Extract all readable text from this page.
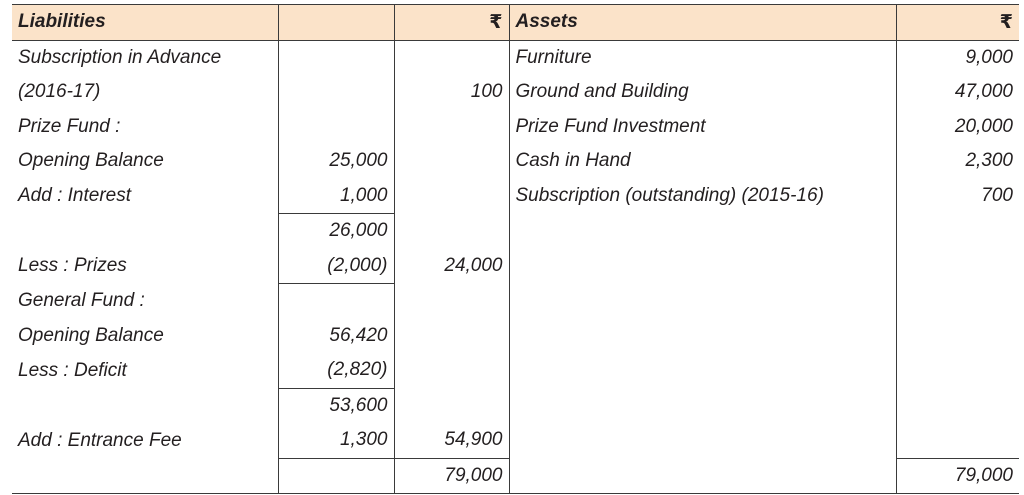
Liabilities		₹	Assets	₹
Subscription in Advance			Furniture	9,000
(2016-17)		100	Ground and Building	47,000
Prize Fund :			Prize Fund Investment	20,000
Opening Balance	25,000		Cash in Hand	2,300
Add : Interest	1,000		Subscription (outstanding) (2015-16)	700
	26,000			
Less : Prizes	(2,000)	24,000		
General Fund :				
Opening Balance	56,420			
Less : Deficit	(2,820)			
	53,600			
Add : Entrance Fee	1,300	54,900		
		79,000		79,000
